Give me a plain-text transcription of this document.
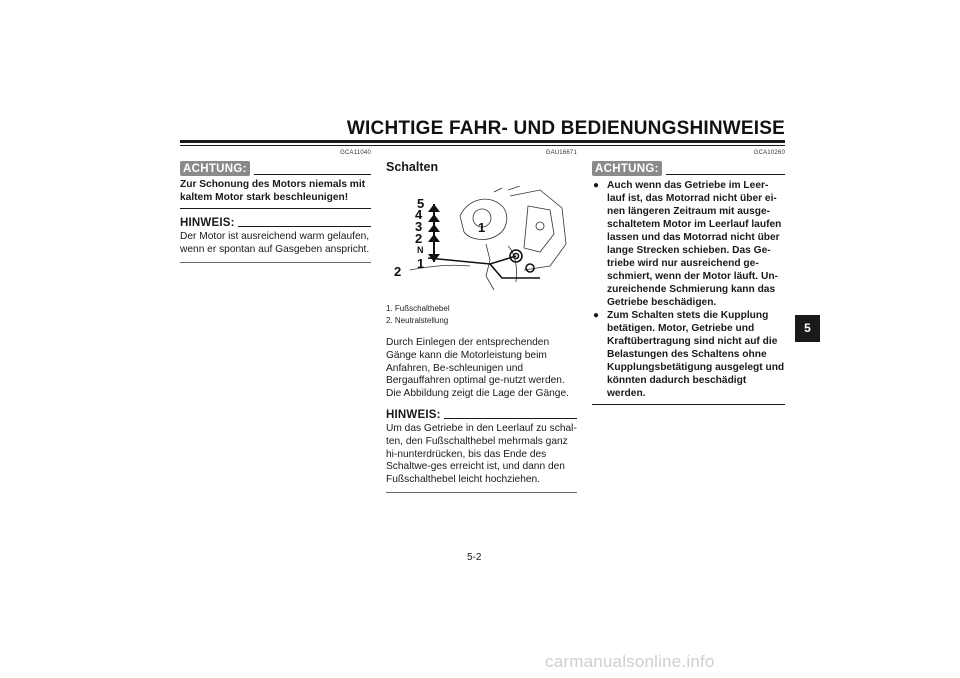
WICHTIGE FAHR- UND BEDIENUNGSHINWEISE
GCA11040
ACHTUNG:
Zur Schonung des Motors niemals mit kaltem Motor stark beschleunigen!
HINWEIS:
Der Motor ist ausreichend warm gelaufen, wenn er spontan auf Gasgeben anspricht.
GAU16671
Schalten
5
4
3
2
N
1
1
2
1. Fußschalthebel
2. Neutralstellung
Durch Einlegen der entsprechenden Gänge kann die Motorleistung beim Anfahren, Be-schleunigen und Bergauffahren optimal ge-nutzt werden.
Die Abbildung zeigt die Lage der Gänge.
HINWEIS:
Um das Getriebe in den Leerlauf zu schal-ten, den Fußschalthebel mehrmals ganz hi-nunterdrücken, bis das Ende des Schaltwe-ges erreicht ist, und dann den Fußschalthebel leicht hochziehen.
GCA10260
ACHTUNG:
● Auch wenn das Getriebe im Leer-lauf ist, das Motorrad nicht über ei-nen längeren Zeitraum mit ausge-schaltetem Motor im Leerlauf laufen lassen und das Motorrad nicht über lange Strecken schieben. Das Ge-triebe wird nur ausreichend ge-schmiert, wenn der Motor läuft. Un-zureichende Schmierung kann das Getriebe beschädigen.
● Zum Schalten stets die Kupplung betätigen. Motor, Getriebe und Kraftübertragung sind nicht auf die Belastungen des Schaltens ohne Kupplungsbetätigung ausgelegt und könnten dadurch beschädigt werden.
5
5-2
carmanualsonline.info
